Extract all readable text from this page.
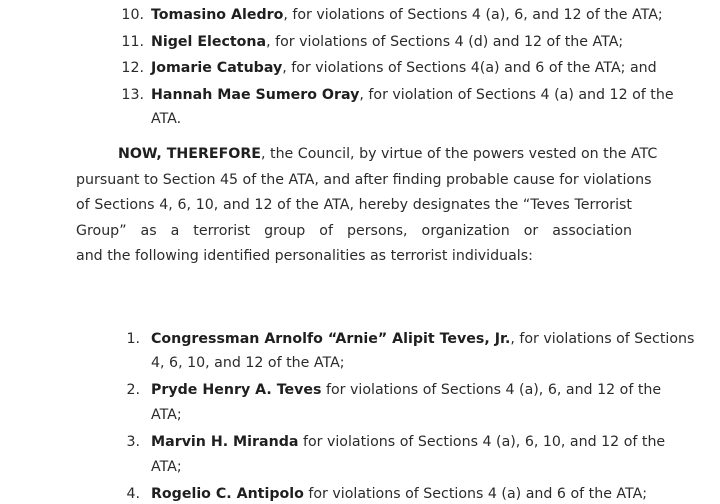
10. Tomasino Aledro, for violations of Sections 4 (a), 6, and 12 of the ATA;
11. Nigel Electona, for violations of Sections 4 (d) and 12 of the ATA;
12. Jomarie Catubay, for violations of Sections 4(a) and 6 of the ATA; and
13. Hannah Mae Sumero Oray, for violation of Sections 4 (a) and 12 of the
ATA.
NOW, THEREFORE, the Council, by virtue of the powers vested on the ATC
pursuant to Section 45 of the ATA, and after finding probable cause for violations
of Sections 4, 6, 10, and 12 of the ATA, hereby designates the “Teves Terrorist
Group” as a terrorist group of persons, organization or association
and the following identified personalities as terrorist individuals:
1. Congressman Arnolfo “Arnie” Alipit Teves, Jr., for violations of Sections
4, 6, 10, and 12 of the ATA;
2. Pryde Henry A. Teves for violations of Sections 4 (a), 6, and 12 of the
ATA;
3. Marvin H. Miranda for violations of Sections 4 (a), 6, 10, and 12 of the
ATA;
4. Rogelio C. Antipolo for violations of Sections 4 (a) and 6 of the ATA;
